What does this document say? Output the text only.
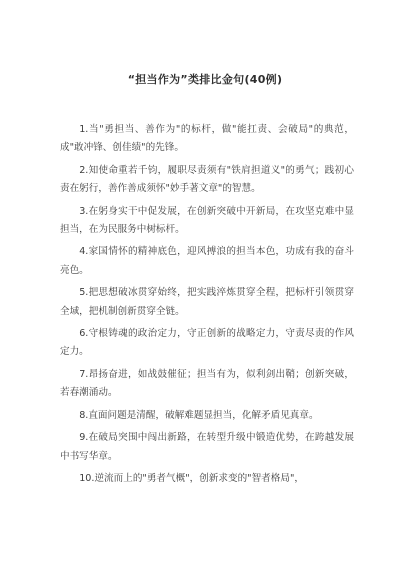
“担当作为”类排比金句(40例)

1.当"勇担当、善作为"的标杆，做"能扛责、会破局"的典范，成"敢冲锋、创佳绩"的先锋。

2.知使命重若千钧，履职尽责须有"铁肩担道义"的勇气；践初心责在躬行，善作善成须怀"妙手著文章"的智慧。

3.在躬身实干中促发展，在创新突破中开新局，在攻坚克难中显担当，在为民服务中树标杆。

4.家国情怀的精神底色，迎风搏浪的担当本色，功成有我的奋斗亮色。

5.把思想破冰贯穿始终，把实践淬炼贯穿全程，把标杆引领贯穿全域，把机制创新贯穿全链。

6.守根铸魂的政治定力，守正创新的战略定力，守责尽责的作风定力。

7.昂扬奋进，如战鼓催征；担当有为，似利剑出鞘；创新突破，若春潮涌动。

8.直面问题是清醒，破解难题显担当，化解矛盾见真章。

9.在破局突围中闯出新路，在转型升级中锻造优势，在跨越发展中书写华章。

10.逆流而上的"勇者气概"，创新求变的"智者格局"，
